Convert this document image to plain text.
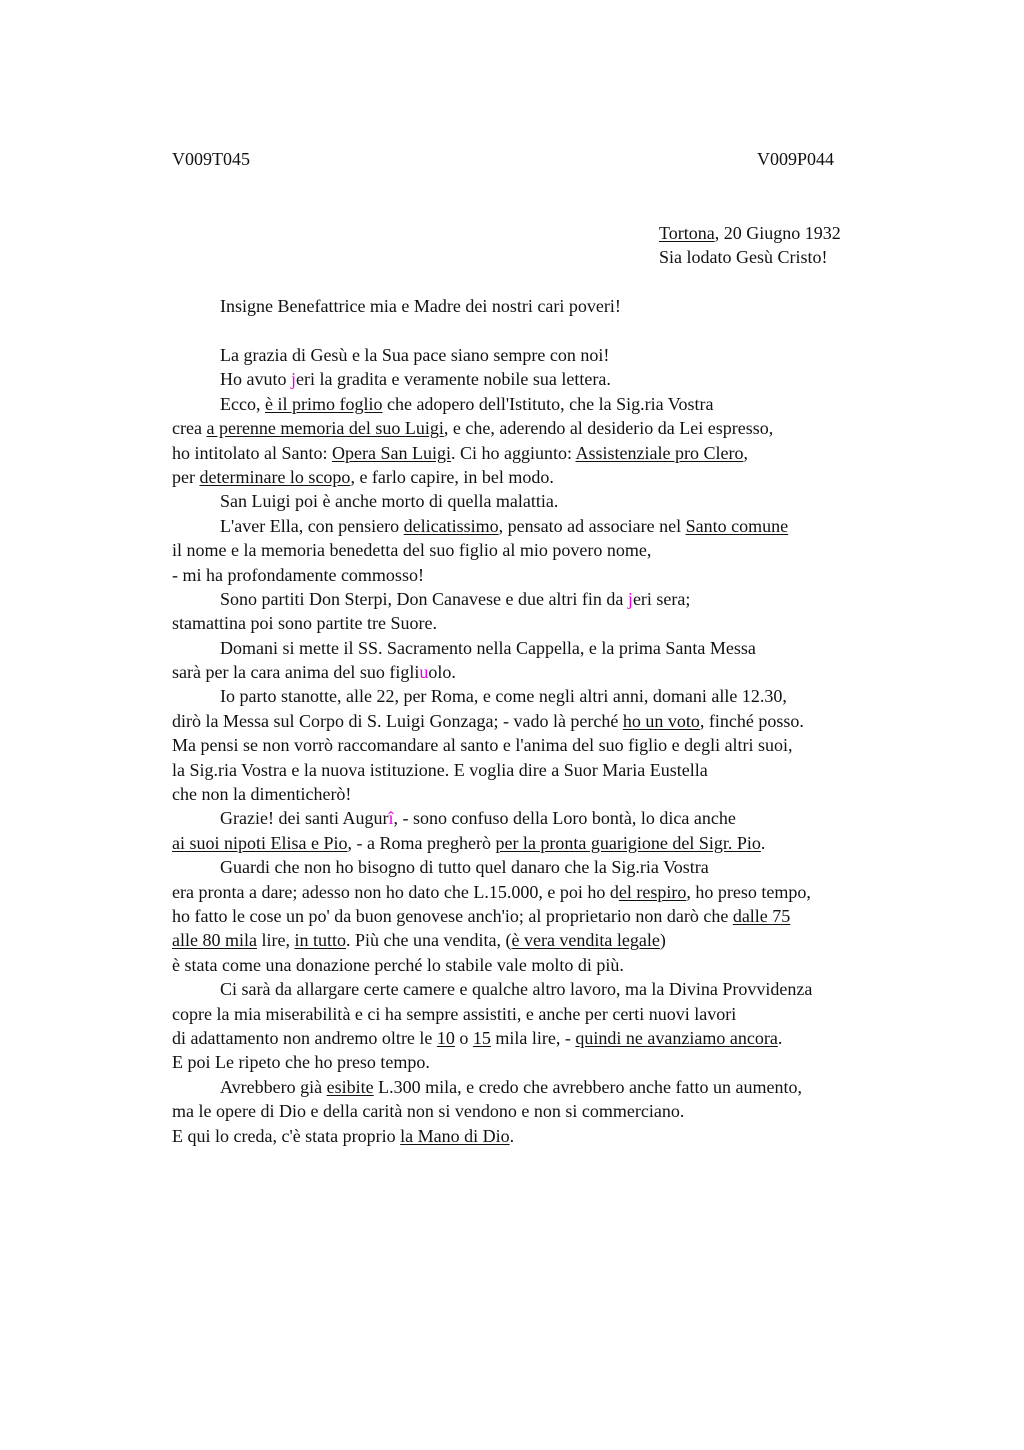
V009T045	V009P044
Tortona, 20 Giugno 1932
Sia lodato Gesù Cristo!
Insigne Benefattrice mia e Madre dei nostri cari poveri!
La grazia di Gesù e la Sua pace siano sempre con noi!
Ho avuto jeri la gradita e veramente nobile sua lettera.
Ecco, è il primo foglio che adopero dell'Istituto, che la Sig.ria Vostra
crea a perenne memoria del suo Luigi, e che, aderendo al desiderio da Lei espresso,
ho intitolato al Santo: Opera San Luigi. Ci ho aggiunto: Assistenziale pro Clero,
per determinare lo scopo, e farlo capire, in bel modo.
San Luigi poi è anche morto di quella malattia.
L'aver Ella, con pensiero delicatissimo, pensato ad associare nel Santo comune
il nome e la memoria benedetta del suo figlio al mio povero nome,
- mi ha profondamente commosso!
Sono partiti Don Sterpi, Don Canavese e due altri fin da jeri sera;
stamattina poi sono partite tre Suore.
Domani si mette il SS. Sacramento nella Cappella, e la prima Santa Messa
sarà per la cara anima del suo figliuolo.
Io parto stanotte, alle 22, per Roma, e come negli altri anni, domani alle 12.30,
dirò la Messa sul Corpo di S. Luigi Gonzaga; - vado là perché ho un voto, finché posso.
Ma pensi se non vorrò raccomandare al santo e l'anima del suo figlio e degli altri suoi,
la Sig.ria Vostra e la nuova istituzione. E voglia dire a Suor Maria Eustella
che non la dimenticherò!
Grazie! dei santi Augurî, - sono confuso della Loro bontà, lo dica anche
ai suoi nipoti Elisa e Pio, - a Roma pregherò per la pronta guarigione del Sigr. Pio.
Guardi che non ho bisogno di tutto quel danaro che la Sig.ria Vostra
era pronta a dare; adesso non ho dato che L.15.000, e poi ho del respiro, ho preso tempo,
ho fatto le cose un po' da buon genovese anch'io; al proprietario non darò che dalle 75
alle 80 mila lire, in tutto. Più che una vendita, (è vera vendita legale)
è stata come una donazione perché lo stabile vale molto di più.
Ci sarà da allargare certe camere e qualche altro lavoro, ma la Divina Provvidenza
copre la mia miserabilità e ci ha sempre assistiti, e anche per certi nuovi lavori
di adattamento non andremo oltre le 10 o 15 mila lire, - quindi ne avanziamo ancora.
E poi Le ripeto che ho preso tempo.
Avrebbero già esibite L.300 mila, e credo che avrebbero anche fatto un aumento,
ma le opere di Dio e della carità non si vendono e non si commerciano.
E qui lo creda, c'è stata proprio la Mano di Dio.
